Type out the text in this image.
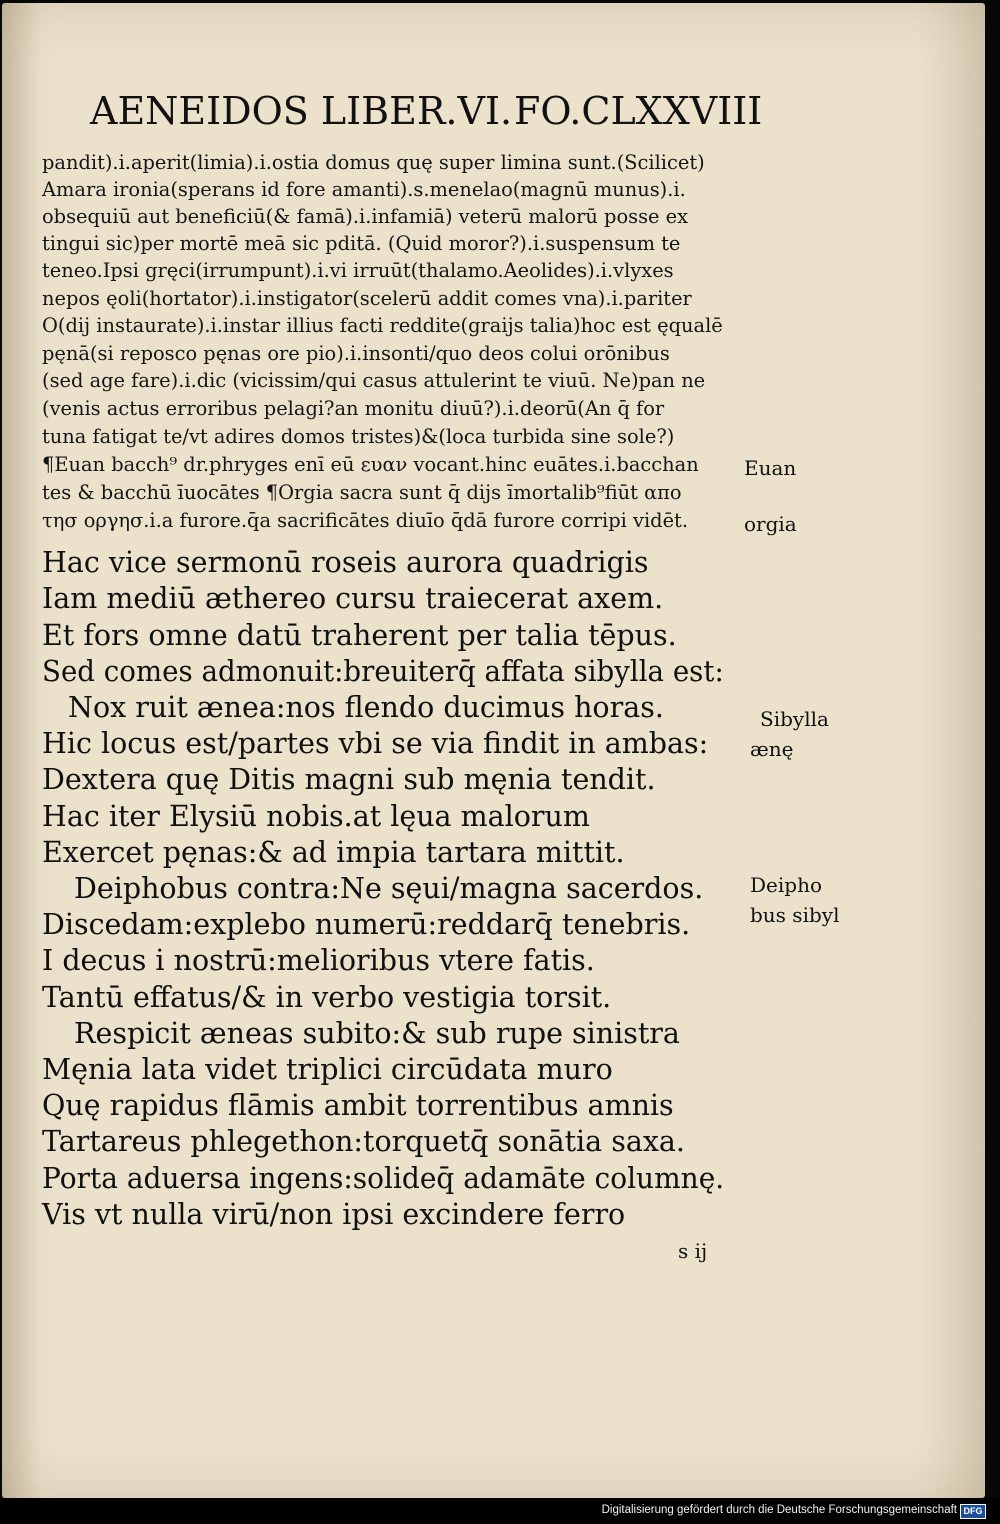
AENEIDOS LIBER.VI. FO.CLXXVIII
pandit).i.aperit(limia).i.ostia domus quę super limina sunt.(Scilicet)
Amara ironia(sperans id fore amanti).s.menelao(magnū munus).i.
obsequiū aut beneficiū(& famā).i.infamiā) veterū malorū posse ex
tingui sic)per mortē meā sic pditā. (Quid moror?).i.suspensum te
teneo.Ipsi gręci(irrumpunt).i.vi irruūt(thalamo.Aeolides).i.vlyxes
nepos ęoli(hortator).i.instigator(scelerū addit comes vna).i.pariter
O(dij instaurate).i.instar illius facti reddite(graijs talia)hoc est ęqualē
pęnā(si reposco pęnas ore pio).i.insonti/quo deos colui orōnibus
(sed age fare).i.dic (vicissim/qui casus attulerint te viuū. Ne)pan ne
(venis actus erroribus pelagi?an monitu diuū?).i.deorū(An q̄ for
tuna fatigat te/vt adires domos tristes)&(loca turbida sine sole?)
¶Euan bacch⁹ dr.phryges enī eū ευαν vocant.hinc euātes.i.bacchan
tes & bacchū īuocātes ¶Orgia sacra sunt q̄ dijs īmortalib⁹fiūt απο
τησ οργησ.i.a furore.q̄a sacrificātes diuīo q̄dā furore corripi vidēt.
Hac vice sermonū roseis aurora quadrigis
Iam mediū æthereo cursu traiecerat axem.
Et fors omne datū traherent per talia tēpus.
Sed comes admonuit:breuiterq̄ affata sibylla est:
Nox ruit ænea:nos flendo ducimus horas.
Hic locus est/partes vbi se via findit in ambas:
Dextera quę Ditis magni sub męnia tendit.
Hac iter Elysiū nobis.at lęua malorum
Exercet pęnas:& ad impia tartara mittit.
Deiphobus contra:Ne sęui/magna sacerdos.
Discedam:explebo numerū:reddarq̄ tenebris.
I decus i nostrū:melioribus vtere fatis.
Tantū effatus/& in verbo vestigia torsit.
Respicit æneas subito:& sub rupe sinistra
Męnia lata videt triplici circūdata muro
Quę rapidus flāmis ambit torrentibus amnis
Tartareus phlegethon:torquetq̄ sonātia saxa.
Porta aduersa ingens:solideq̄ adamāte columnę.
Vis vt nulla virū/non ipsi excindere ferro
Euan
orgia
Sibylla
ænę
Deipho
bus sibyl
s ij
Digitalisierung gefördert durch die Deutsche Forschungsgemeinschaft DFG
